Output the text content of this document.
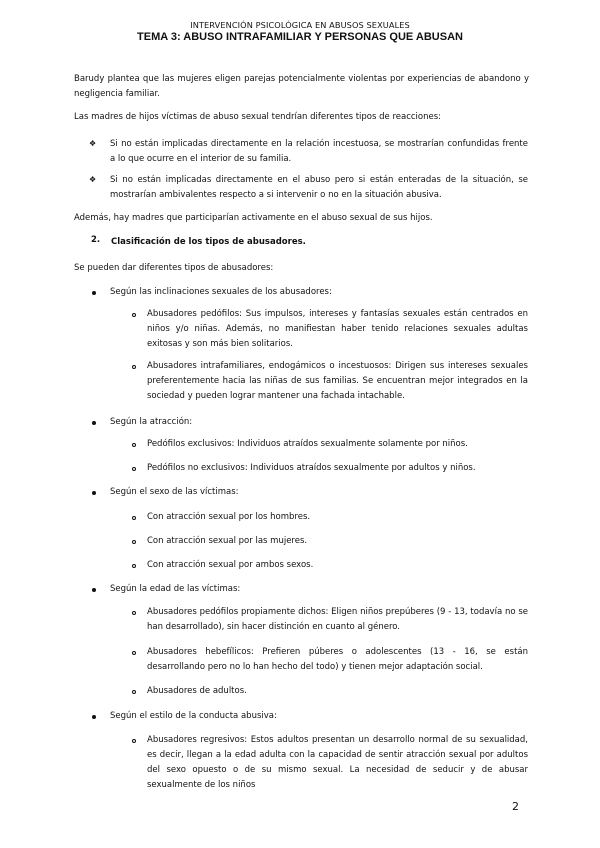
INTERVENCIÓN PSICOLÓGICA EN ABUSOS SEXUALES
TEMA 3: ABUSO INTRAFAMILIAR Y PERSONAS QUE ABUSAN
Barudy plantea que las mujeres eligen parejas potencialmente violentas por experiencias de abandono y negligencia familiar.
Las madres de hijos víctimas de abuso sexual tendrían diferentes tipos de reacciones:
❖ Si no están implicadas directamente en la relación incestuosa, se mostrarían confundidas frente a lo que ocurre en el interior de su familia.
❖ Si no están implicadas directamente en el abuso pero si están enteradas de la situación, se mostrarían ambivalentes respecto a si intervenir o no en la situación abusiva.
Además, hay madres que participarían activamente en el abuso sexual de sus hijos.
2. Clasificación de los tipos de abusadores.
Se pueden dar diferentes tipos de abusadores:
Según las inclinaciones sexuales de los abusadores:
Abusadores pedófilos: Sus impulsos, intereses y fantasías sexuales están centrados en niños y/o niñas. Además, no manifiestan haber tenido relaciones sexuales adultas exitosas y son más bien solitarios.
Abusadores intrafamiliares, endogámicos o incestuosos: Dirigen sus intereses sexuales preferentemente hacia las niñas de sus familias. Se encuentran mejor integrados en la sociedad y pueden lograr mantener una fachada intachable.
Según la atracción:
Pedófilos exclusivos: Individuos atraídos sexualmente solamente por niños.
Pedófilos no exclusivos: Individuos atraídos sexualmente por adultos y niños.
Según el sexo de las víctimas:
Con atracción sexual por los hombres.
Con atracción sexual por las mujeres.
Con atracción sexual por ambos sexos.
Según la edad de las víctimas:
Abusadores pedófilos propiamente dichos: Eligen niños prepúberes (9 - 13, todavía no se han desarrollado), sin hacer distinción en cuanto al género.
Abusadores hebefílicos: Prefieren púberes o adolescentes (13 - 16, se están desarrollando pero no lo han hecho del todo) y tienen mejor adaptación social.
Abusadores de adultos.
Según el estilo de la conducta abusiva:
Abusadores regresivos: Estos adultos presentan un desarrollo normal de su sexualidad, es decir, llegan a la edad adulta con la capacidad de sentir atracción sexual por adultos del sexo opuesto o de su mismo sexual. La necesidad de seducir y de abusar sexualmente de los niños
2
